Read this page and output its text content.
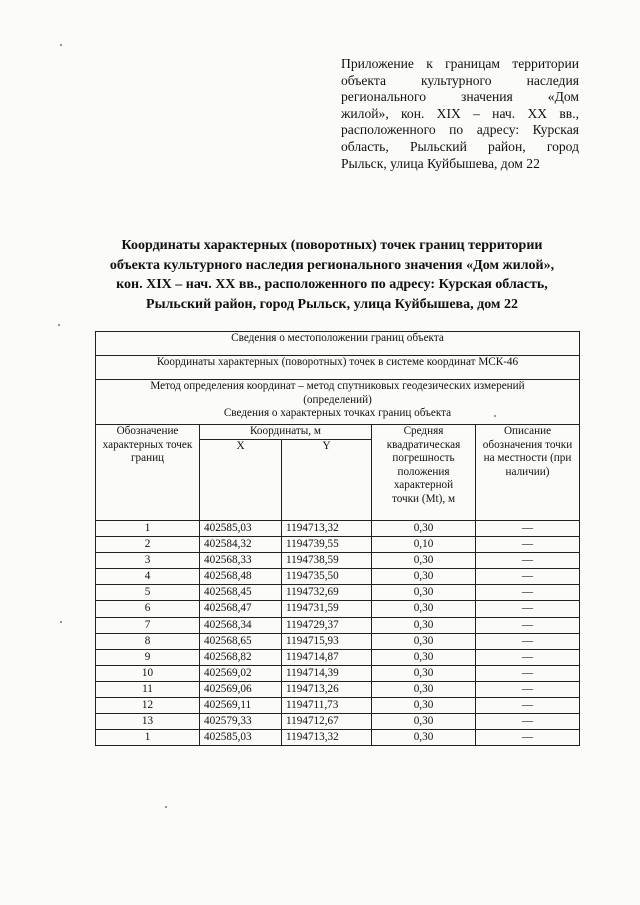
Приложение к границам территории
объекта культурного наследия
регионального значения «Дом
жилой», кон. XIX – нач. XX вв.,
расположенного по адресу: Курская
область, Рыльский район, город
Рыльск, улица Куйбышева, дом 22
Координаты характерных (поворотных) точек границ территории
объекта культурного наследия регионального значения «Дом жилой»,
кон. XIX – нач. XX вв., расположенного по адресу: Курская область,
Рыльский район, город Рыльск, улица Куйбышева, дом 22
Сведения о местоположении границ объекта				
Координаты характерных (поворотных) точек в системе координат МСК-46				

Метод определения координат – метод спутниковых геодезических измерений (определений)
Сведения о характерных точках границ объекта				

Обозначение характерных точек границ	Координаты, м		Средняя квадратическая погрешность положения характерной точки (Mt), м	Описание обозначения точки на местности (при наличии)
	X	Y		
1	402585,03	1194713,32	0,30	—
2	402584,32	1194739,55	0,10	—
3	402568,33	1194738,59	0,30	—
4	402568,48	1194735,50	0,30	—
5	402568,45	1194732,69	0,30	—
6	402568,47	1194731,59	0,30	—
7	402568,34	1194729,37	0,30	—
8	402568,65	1194715,93	0,30	—
9	402568,82	1194714,87	0,30	—
10	402569,02	1194714,39	0,30	—
11	402569,06	1194713,26	0,30	—
12	402569,11	1194711,73	0,30	—
13	402579,33	1194712,67	0,30	—
1	402585,03	1194713,32	0,30	—
